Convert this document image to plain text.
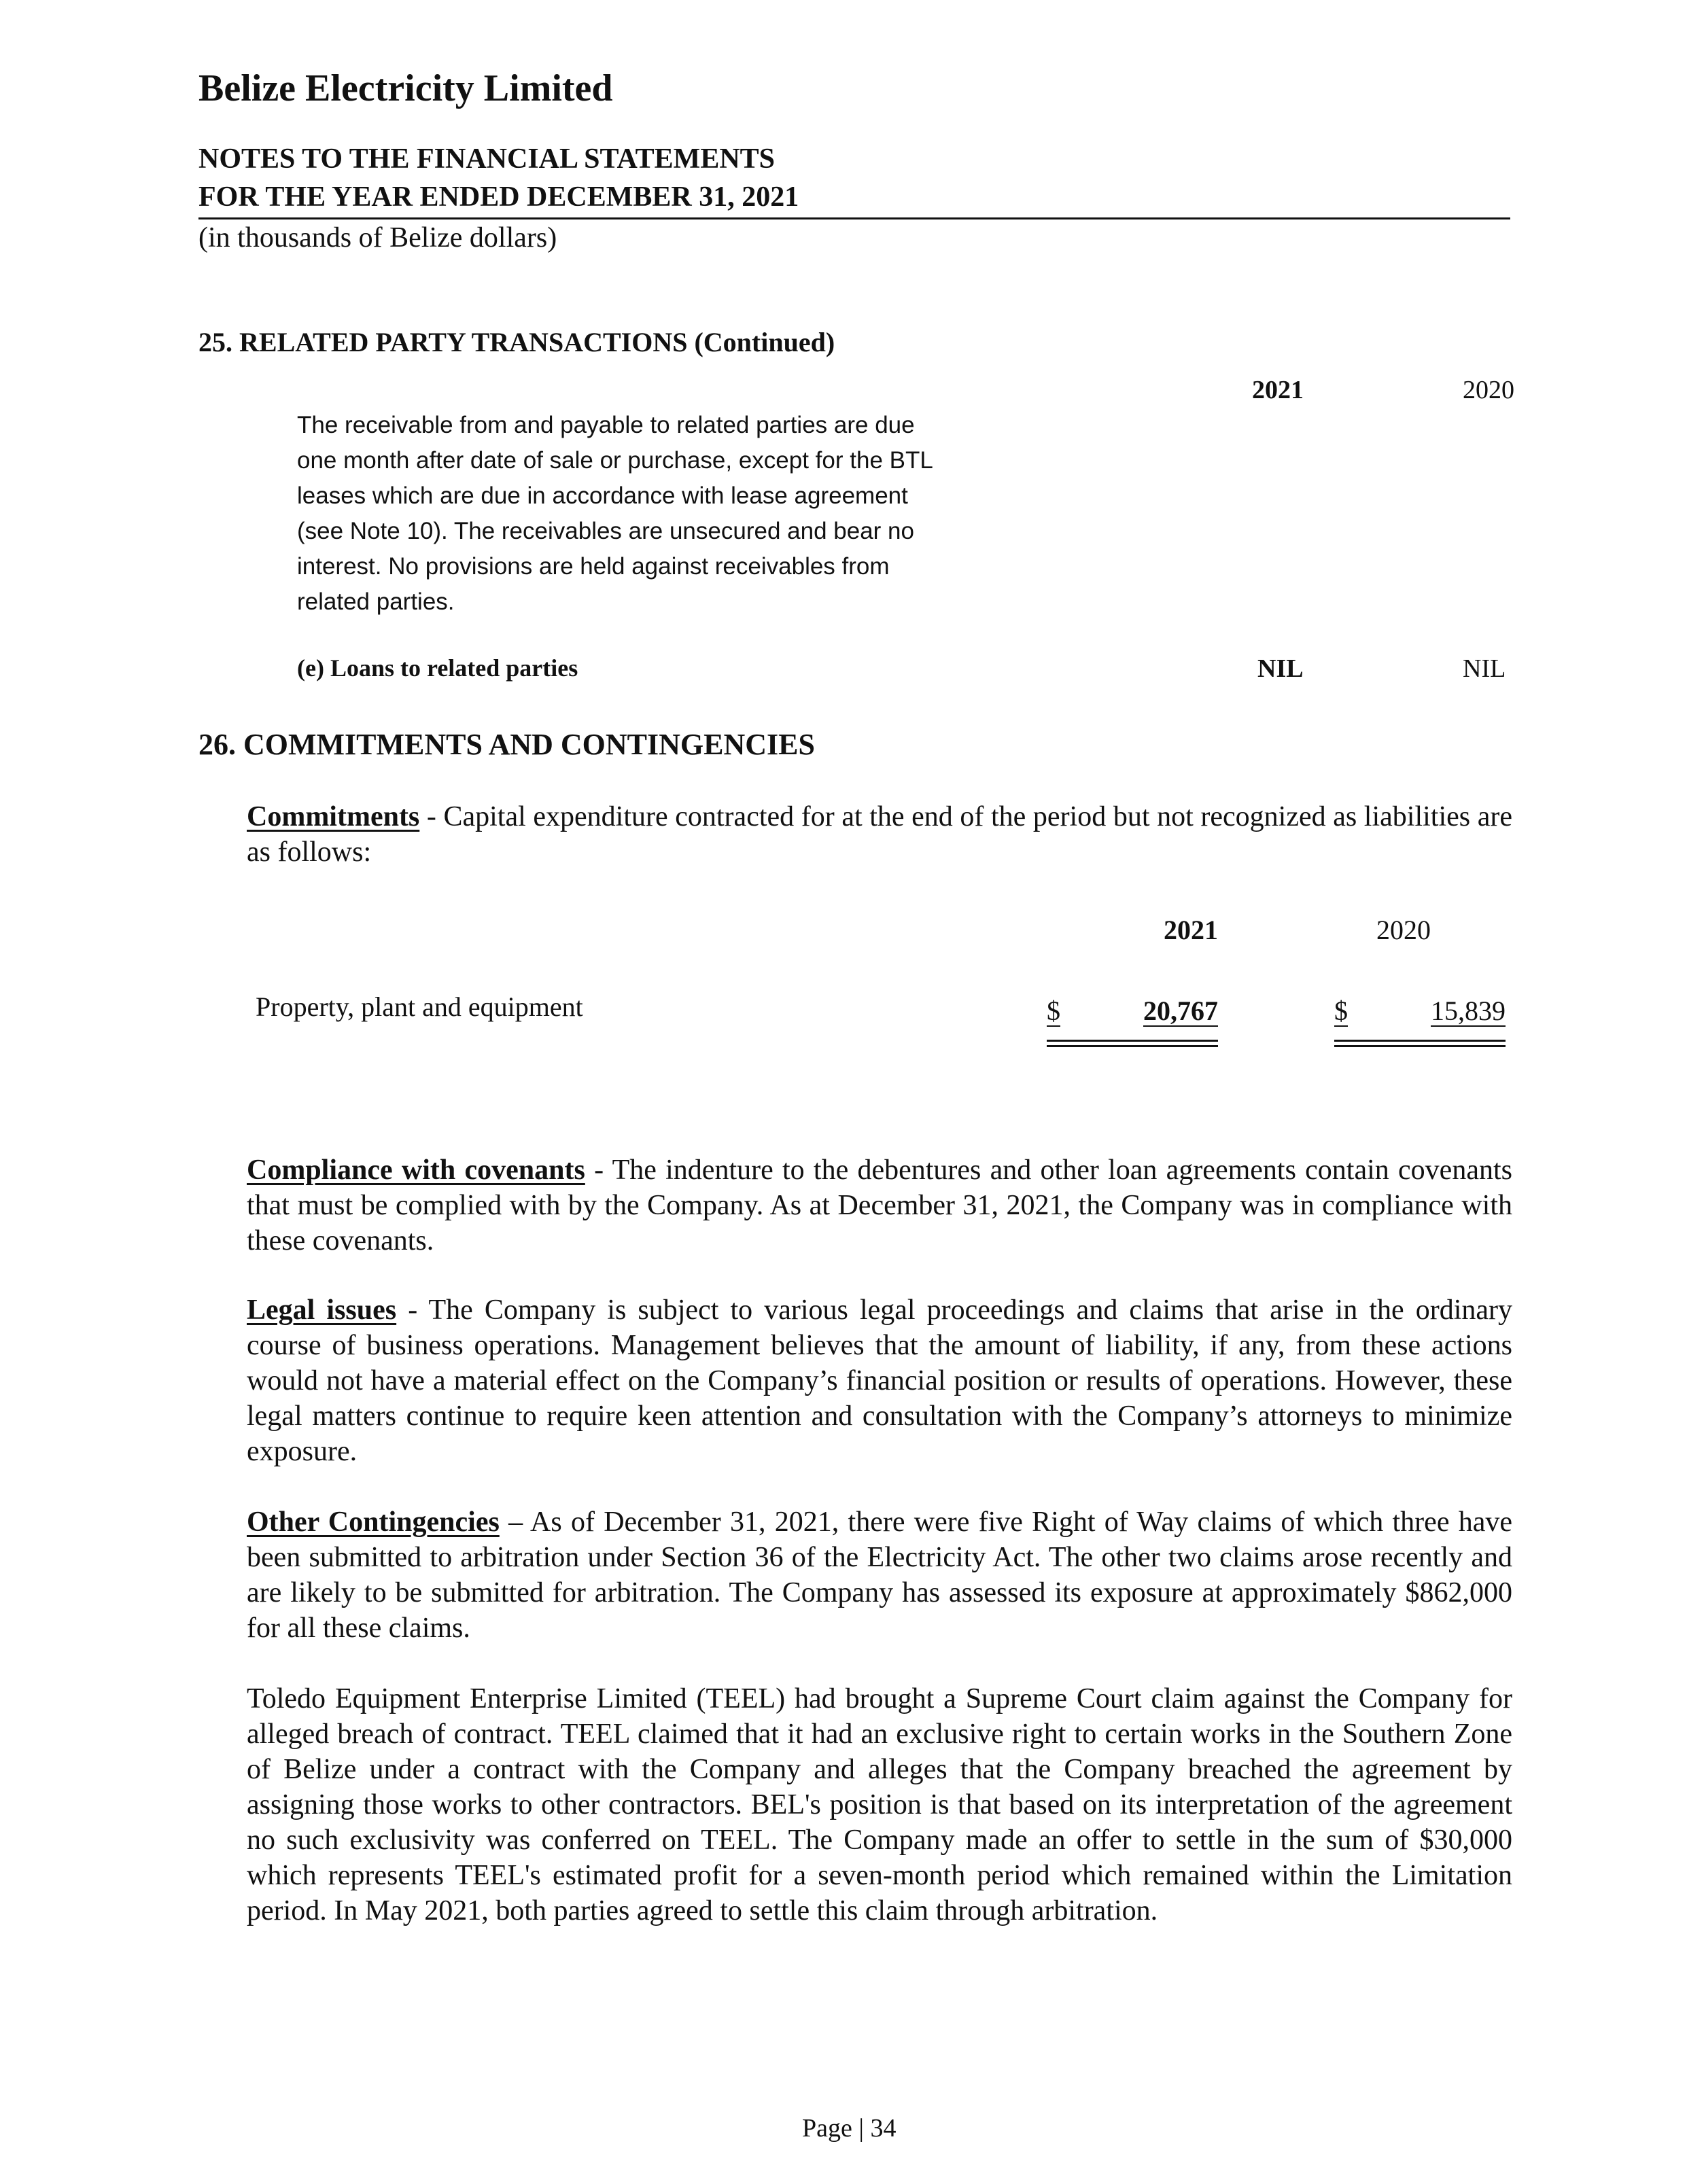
Belize Electricity Limited
NOTES TO THE FINANCIAL STATEMENTS
FOR THE YEAR ENDED DECEMBER 31, 2021
(in thousands of Belize dollars)
25. RELATED PARTY TRANSACTIONS (Continued)
2021	2020
The receivable from and payable to related parties are due one month after date of sale or purchase, except for the BTL leases which are due in accordance with lease agreement (see Note 10). The receivables are unsecured and bear no interest. No provisions are held against receivables from related parties.
(e) Loans to related parties	NIL	NIL
26. COMMITMENTS AND CONTINGENCIES
Commitments - Capital expenditure contracted for at the end of the period but not recognized as liabilities are as follows:
2021	2020
Property, plant and equipment	$	20,767	$	15,839
Compliance with covenants - The indenture to the debentures and other loan agreements contain covenants that must be complied with by the Company. As at December 31, 2021, the Company was in compliance with these covenants.
Legal issues - The Company is subject to various legal proceedings and claims that arise in the ordinary course of business operations. Management believes that the amount of liability, if any, from these actions would not have a material effect on the Company’s financial position or results of operations. However, these legal matters continue to require keen attention and consultation with the Company’s attorneys to minimize exposure.
Other Contingencies – As of December 31, 2021, there were five Right of Way claims of which three have been submitted to arbitration under Section 36 of the Electricity Act. The other two claims arose recently and are likely to be submitted for arbitration. The Company has assessed its exposure at approximately $862,000 for all these claims.
Toledo Equipment Enterprise Limited (TEEL) had brought a Supreme Court claim against the Company for alleged breach of contract. TEEL claimed that it had an exclusive right to certain works in the Southern Zone of Belize under a contract with the Company and alleges that the Company breached the agreement by assigning those works to other contractors. BEL's position is that based on its interpretation of the agreement no such exclusivity was conferred on TEEL. The Company made an offer to settle in the sum of $30,000 which represents TEEL's estimated profit for a seven-month period which remained within the Limitation period. In May 2021, both parties agreed to settle this claim through arbitration.
Page | 34
